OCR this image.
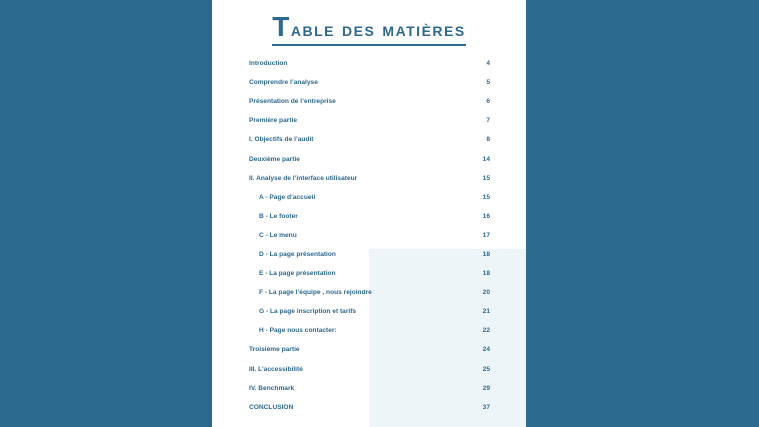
Table des matières
Introduction	4
Comprendre l’analyse	5
Présentation de l’entreprise	6
Première partie	7
I. Objectifs de l’audit	8
Deuxième partie	14
II. Analyse de l’interface utilisateur	15
A - Page d’accueil	15
B - Le footer	16
C - Le menu	17
D - La page présentation	18
E - La page présentation	18
F - La page l’équipe , nous rejoindre	20
G - La page inscription et tarifs	21
H - Page nous contacter:	22
Troisième partie	24
III. L’accessibilité	25
IV. Benchmark	29
CONCLUSION	37
